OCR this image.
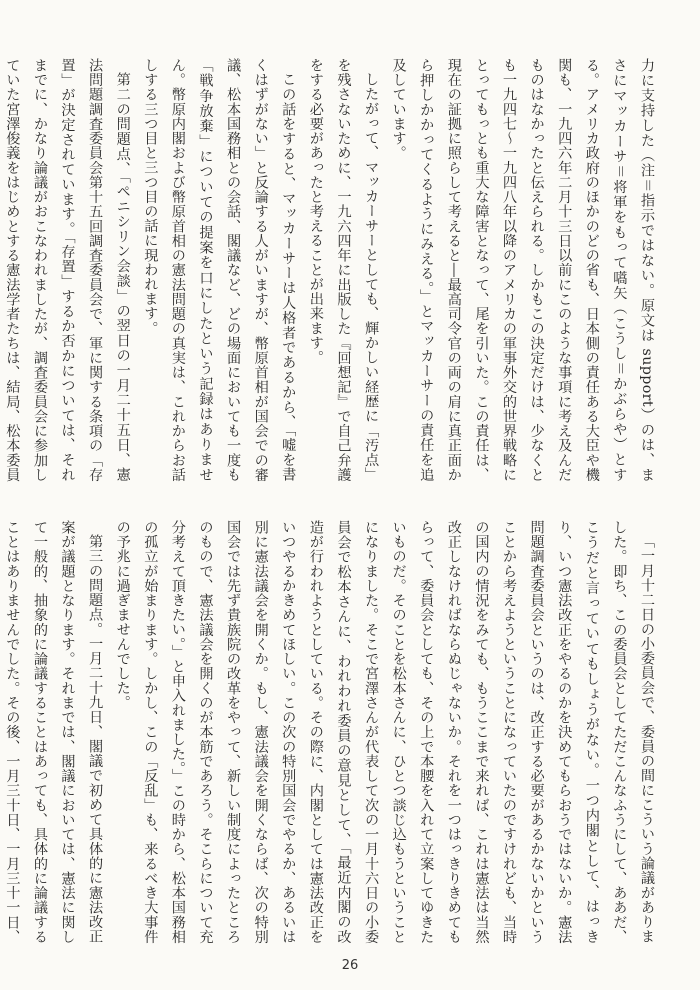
力に支持した（注＝指示ではない。原文は support）のは、まさにマッカーサ＝将軍をもって嚆矢（こうし＝かぶらや）とする。アメリカ政府のほかのどの省も、日本側の責任ある大臣や機関も、一九四六年二月十三日以前にこのような事項に考え及んだものはなかったと伝えられる。しかもこの決定だけは、少なくとも一九四七～一九四八年以降のアメリカの軍事外交的世界戦略にとってもっとも重大な障害となって、尾を引いた。この責任は、現在の証拠に照らして考えると―最高司令官の両の肩に真正面から押しかかってくるようにみえる。」とマッカーサーの責任を追及しています。

したがって、マッカーサーとしても、輝かしい経歴に「汚点」を残さないために、一九六四年に出版した『回想記』で自己弁護をする必要があったと考えることが出来ます。

この話をすると、マッカーサーは人格者であるから、「嘘を書くはずがない」と反論する人がいますが、幣原首相が国会での審議、松本国務相との会話、閣議など、どの場面においても一度も「戦争放棄」についての提案を口にしたという記録はありません。幣原内閣および幣原首相の憲法問題の真実は、これからお話しする三つ目と三つ目の話に現われます。

第二の問題点、「ペニシリン会談」の翌日の一月二十五日、憲法問題調査委員会第十五回調査委員会で、軍に関する条項の「存置」が決定されています。「存置」するか否かについては、それまでに、かなり論議がおこなわれましたが、調査委員会に参加していた宮澤俊義をはじめとする憲法学者たちは、結局、松本委員

「一月十二日の小委員会で、委員の間にこういう論議がありました。即ち、この委員会としてただこんなふうにして、ああだ、こうだと言っていてもしょうがない。一つ内閣として、はっきり、いつ憲法改正をやるのかを決めてもらおうではないか。憲法問題調査委員会というのは、改正する必要があるかないかということから考えようということになっていたのですけれども、当時の国内の情況をみても、もうここまで来れば、これは憲法は当然改正しなければならぬじゃないか。それを一つはっきりきめてもらって、委員会としても、その上で本腰を入れて立案してゆきたいものだ。そのことを松本さんに、ひとつ談じ込もうということになりました。そこで宮澤さんが代表して次の一月十六日の小委員会で松本さんに、われわれ委員の意見として、「最近内閣の改造が行われようとしている。その際に、内閣としては憲法改正をいつやるかきめてほしい。この次の特別国会でやるか、あるいは別に憲法議会を開くか。もし、憲法議会を開くならば、次の特別国会では先ず貴族院の改革をやって、新しい制度によったところのもので、憲法議会を開くのが本筋であろう。そこらについて充分考えて頂きたい。」と申入れました。」この時から、松本国務相の孤立が始まります。しかし、この「反乱」も、来るべき大事件の予兆に過ぎませんでした。

第三の問題点。一月二十九日、閣議で初めて具体的に憲法改正案が議題となります。それまでは、閣議においては、憲法に関して一般的、抽象的に論議することはあっても、具体的に論議することはありませんでした。その後、一月三十日、一月三十一日、

26
